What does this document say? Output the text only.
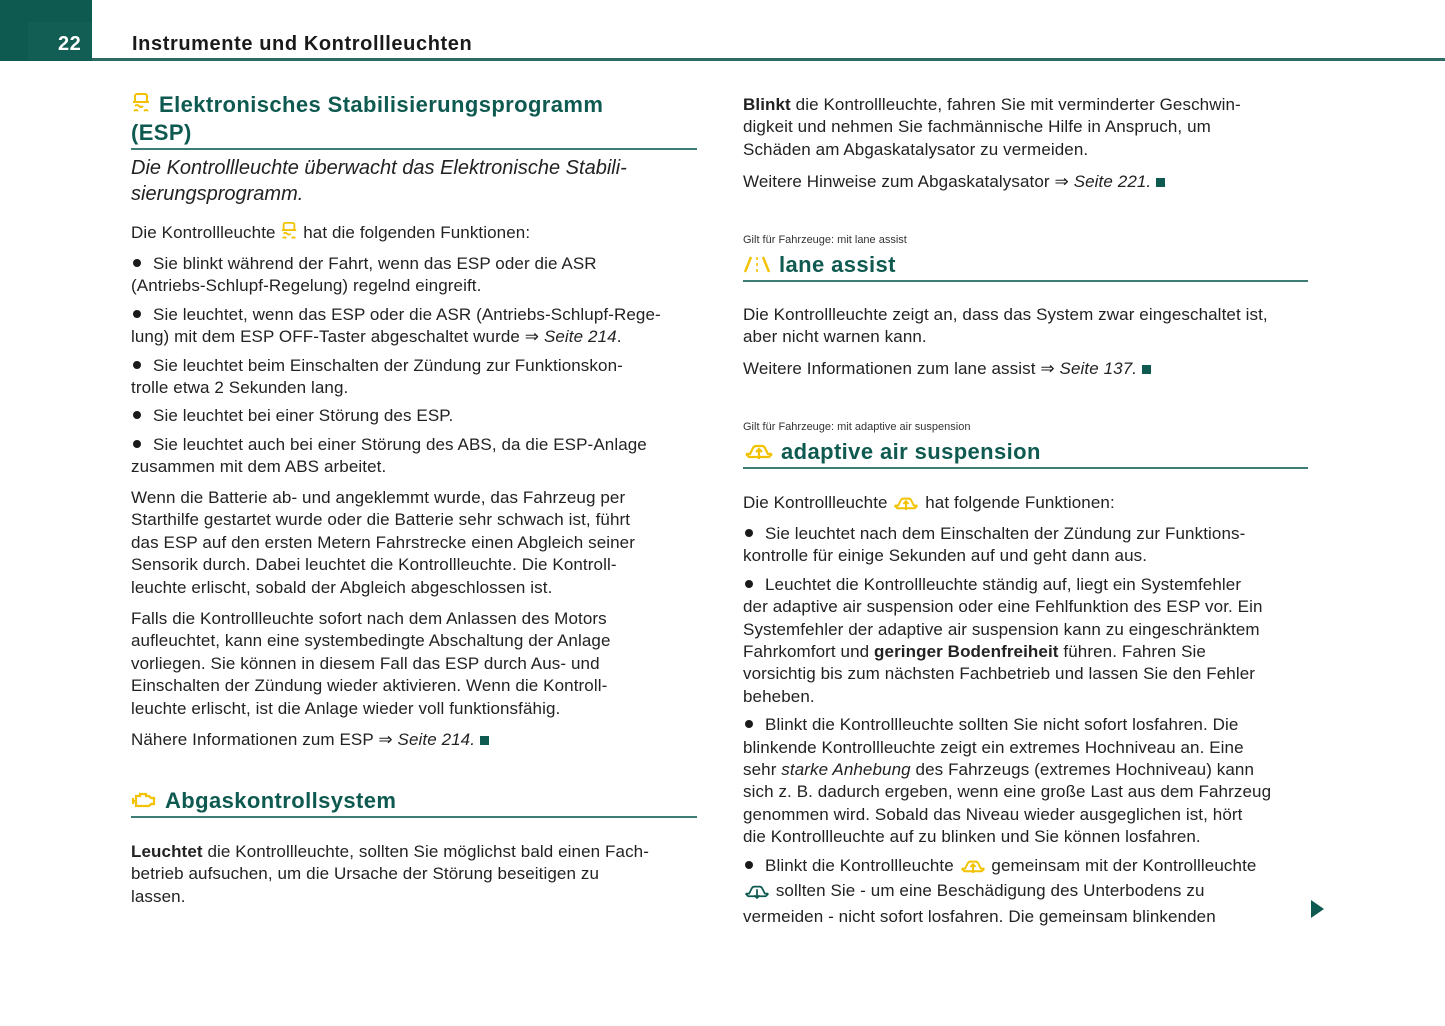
22	Instrumente und Kontrollleuchten
Elektronisches Stabilisierungsprogramm
(ESP)
Die Kontrollleuchte überwacht das Elektronische Stabili-
sierungsprogramm.
Die Kontrollleuchte hat die folgenden Funktionen:
Sie blinkt während der Fahrt, wenn das ESP oder die ASR
(Antriebs-Schlupf-Regelung) regelnd eingreift.
Sie leuchtet, wenn das ESP oder die ASR (Antriebs-Schlupf-Rege-
lung) mit dem ESP OFF-Taster abgeschaltet wurde ⇒ Seite 214.
Sie leuchtet beim Einschalten der Zündung zur Funktionskon-
trolle etwa 2 Sekunden lang.
Sie leuchtet bei einer Störung des ESP.
Sie leuchtet auch bei einer Störung des ABS, da die ESP-Anlage
zusammen mit dem ABS arbeitet.
Wenn die Batterie ab- und angeklemmt wurde, das Fahrzeug per
Starthilfe gestartet wurde oder die Batterie sehr schwach ist, führt
das ESP auf den ersten Metern Fahrstrecke einen Abgleich seiner
Sensorik durch. Dabei leuchtet die Kontrollleuchte. Die Kontroll-
leuchte erlischt, sobald der Abgleich abgeschlossen ist.
Falls die Kontrollleuchte sofort nach dem Anlassen des Motors
aufleuchtet, kann eine systembedingte Abschaltung der Anlage
vorliegen. Sie können in diesem Fall das ESP durch Aus- und
Einschalten der Zündung wieder aktivieren. Wenn die Kontroll-
leuchte erlischt, ist die Anlage wieder voll funktionsfähig.
Nähere Informationen zum ESP ⇒ Seite 214.
Abgaskontrollsystem
Leuchtet die Kontrollleuchte, sollten Sie möglichst bald einen Fach-
betrieb aufsuchen, um die Ursache der Störung beseitigen zu
lassen.
Blinkt die Kontrollleuchte, fahren Sie mit verminderter Geschwin-
digkeit und nehmen Sie fachmännische Hilfe in Anspruch, um
Schäden am Abgaskatalysator zu vermeiden.
Weitere Hinweise zum Abgaskatalysator ⇒ Seite 221.
Gilt für Fahrzeuge: mit lane assist
lane assist
Die Kontrollleuchte zeigt an, dass das System zwar eingeschaltet ist,
aber nicht warnen kann.
Weitere Informationen zum lane assist ⇒ Seite 137.
Gilt für Fahrzeuge: mit adaptive air suspension
adaptive air suspension
Die Kontrollleuchte hat folgende Funktionen:
Sie leuchtet nach dem Einschalten der Zündung zur Funktions-
kontrolle für einige Sekunden auf und geht dann aus.
Leuchtet die Kontrollleuchte ständig auf, liegt ein Systemfehler
der adaptive air suspension oder eine Fehlfunktion des ESP vor. Ein
Systemfehler der adaptive air suspension kann zu eingeschränktem
Fahrkomfort und geringer Bodenfreiheit führen. Fahren Sie
vorsichtig bis zum nächsten Fachbetrieb und lassen Sie den Fehler
beheben.
Blinkt die Kontrollleuchte sollten Sie nicht sofort losfahren. Die
blinkende Kontrollleuchte zeigt ein extremes Hochniveau an. Eine
sehr starke Anhebung des Fahrzeugs (extremes Hochniveau) kann
sich z. B. dadurch ergeben, wenn eine große Last aus dem Fahrzeug
genommen wird. Sobald das Niveau wieder ausgeglichen ist, hört
die Kontrollleuchte auf zu blinken und Sie können losfahren.
Blinkt die Kontrollleuchte gemeinsam mit der Kontrollleuchte
sollten Sie - um eine Beschädigung des Unterbodens zu
vermeiden - nicht sofort losfahren. Die gemeinsam blinkenden
